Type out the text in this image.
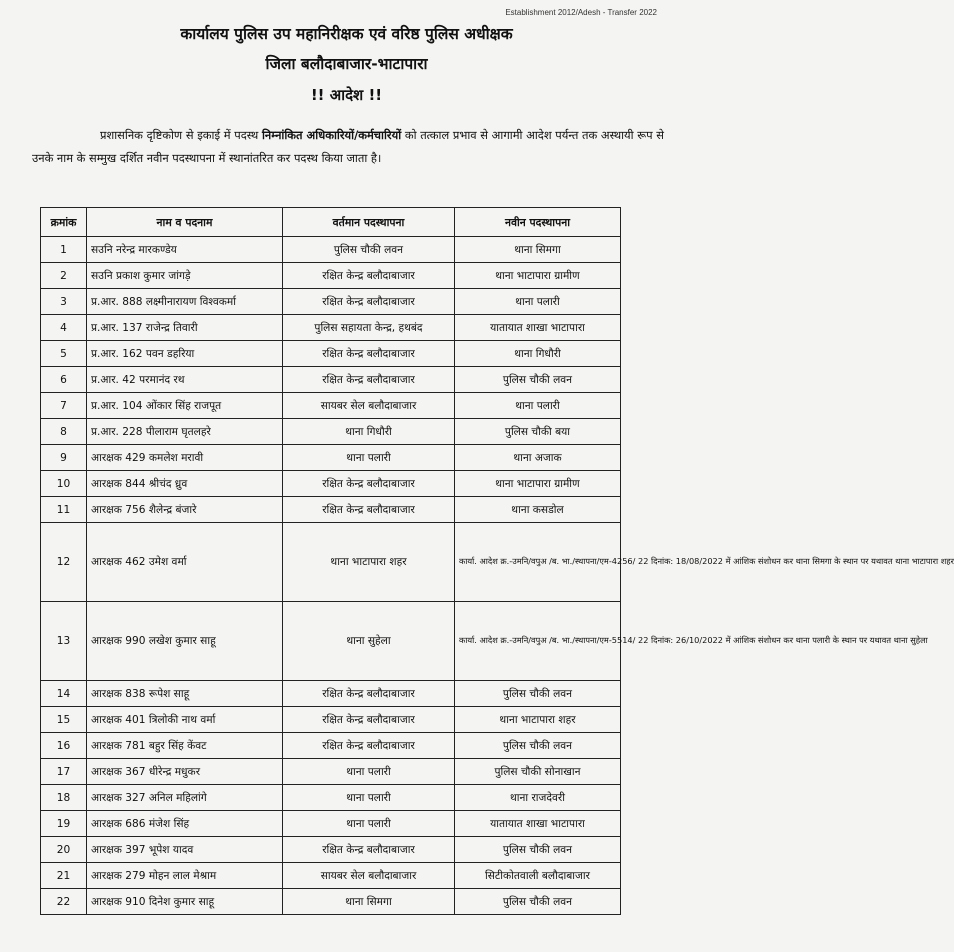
Establishment 2012/Adesh - Transfer 2022
कार्यालय पुलिस उप महानिरीक्षक एवं वरिष्ठ पुलिस अधीक्षक
जिला बलौदाबाजार-भाटापारा
!! आदेश !!
प्रशासनिक दृष्टिकोण से इकाई में पदस्थ निम्नांकित अधिकारियों/कर्मचारियों को तत्काल प्रभाव से आगामी आदेश पर्यन्त तक अस्थायी रूप से उनके नाम के सम्मुख दर्शित नवीन पदस्थापना में स्थानांतरित कर पदस्थ किया जाता है।
क्रमांक	नाम व पदनाम	वर्तमान पदस्थापना	नवीन पदस्थापना
1	सउनि नरेन्द्र मारकण्डेय	पुलिस चौकी लवन	थाना सिमगा
2	सउनि प्रकाश कुमार जांगड़े	रक्षित केन्द्र बलौदाबाजार	थाना भाटापारा ग्रामीण
3	प्र.आर. 888 लक्ष्मीनारायण विश्वकर्मा	रक्षित केन्द्र बलौदाबाजार	थाना पलारी
4	प्र.आर. 137 राजेन्द्र तिवारी	पुलिस सहायता केन्द्र, हथबंद	यातायात शाखा भाटापारा
5	प्र.आर. 162 पवन डहरिया	रक्षित केन्द्र बलौदाबाजार	थाना गिधौरी
6	प्र.आर. 42 परमानंद रथ	रक्षित केन्द्र बलौदाबाजार	पुलिस चौकी लवन
7	प्र.आर. 104 ओंकार सिंह राजपूत	सायबर सेल बलौदाबाजार	थाना पलारी
8	प्र.आर. 228 पीलाराम घृतलहरे	थाना गिधौरी	पुलिस चौकी बया
9	आरक्षक 429 कमलेश मरावी	थाना पलारी	थाना अजाक
10	आरक्षक 844 श्रीचंद ध्रुव	रक्षित केन्द्र बलौदाबाजार	थाना भाटापारा ग्रामीण
11	आरक्षक 756 शैलेन्द्र बंजारे	रक्षित केन्द्र बलौदाबाजार	थाना कसडोल
12	आरक्षक 462 उमेश वर्मा	थाना भाटापारा शहर	कार्या. आदेश क्र.-उमनि/वपुअ /ब. भा./स्थापना/एम-4256/ 22 दिनांक: 18/08/2022 में आंशिक संशोधन कर थाना सिमगा के स्थान पर यथावत थाना भाटापारा शहर
13	आरक्षक 990 लखेश कुमार साहू	थाना सुहेला	कार्या. आदेश क्र.-उमनि/वपुअ /ब. भा./स्थापना/एम-5514/ 22 दिनांक: 26/10/2022 में आंशिक संशोधन कर थाना पलारी के स्थान पर यथावत थाना सुहेला
14	आरक्षक 838 रूपेश साहू	रक्षित केन्द्र बलौदाबाजार	पुलिस चौकी लवन
15	आरक्षक 401 त्रिलोकी नाथ वर्मा	रक्षित केन्द्र बलौदाबाजार	थाना भाटापारा शहर
16	आरक्षक 781 बहुर सिंह केंवट	रक्षित केन्द्र बलौदाबाजार	पुलिस चौकी लवन
17	आरक्षक 367 धीरेन्द्र मधुकर	थाना पलारी	पुलिस चौकी सोनाखान
18	आरक्षक 327 अनिल महिलांगे	थाना पलारी	थाना राजदेवरी
19	आरक्षक 686 मंजेश सिंह	थाना पलारी	यातायात शाखा भाटापारा
20	आरक्षक 397 भूपेश यादव	रक्षित केन्द्र बलौदाबाजार	पुलिस चौकी लवन
21	आरक्षक 279 मोहन लाल मेश्राम	सायबर सेल बलौदाबाजार	सिटीकोतवाली बलौदाबाजार
22	आरक्षक 910 दिनेश कुमार साहू	थाना सिमगा	पुलिस चौकी लवन
